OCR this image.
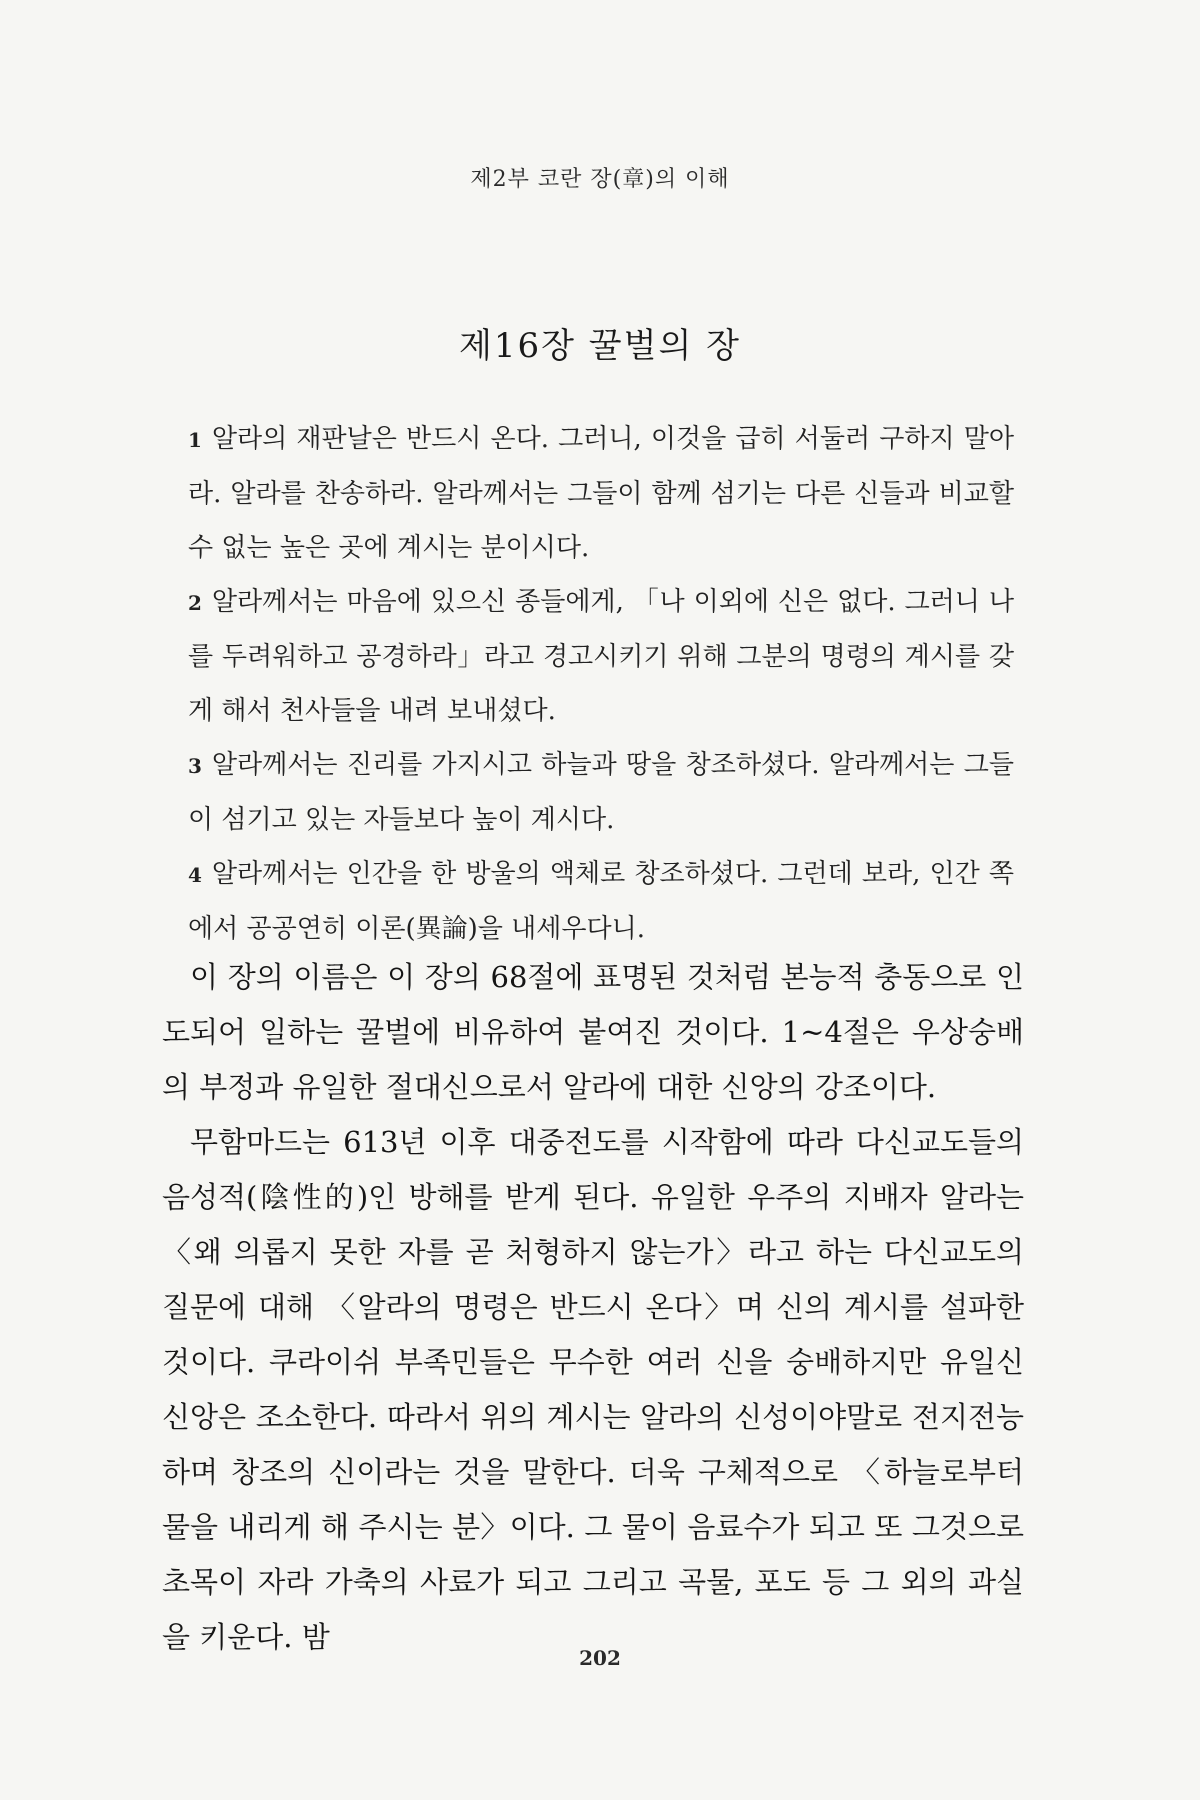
제2부 코란 장(章)의 이해
제16장 꿀벌의 장

1 알라의 재판날은 반드시 온다. 그러니, 이것을 급히 서둘러 구하지 말아라. 알라를 찬송하라. 알라께서는 그들이 함께 섬기는 다른 신들과 비교할 수 없는 높은 곳에 계시는 분이시다.

2 알라께서는 마음에 있으신 종들에게, 「나 이외에 신은 없다. 그러니 나를 두려워하고 공경하라」라고 경고시키기 위해 그분의 명령의 계시를 갖게 해서 천사들을 내려 보내셨다.

3 알라께서는 진리를 가지시고 하늘과 땅을 창조하셨다. 알라께서는 그들이 섬기고 있는 자들보다 높이 계시다.

4 알라께서는 인간을 한 방울의 액체로 창조하셨다. 그런데 보라, 인간 쪽에서 공공연히 이론(異論)을 내세우다니.

이 장의 이름은 이 장의 68절에 표명된 것처럼 본능적 충동으로 인도되어 일하는 꿀벌에 비유하여 붙여진 것이다. 1~4절은 우상숭배의 부정과 유일한 절대신으로서 알라에 대한 신앙의 강조이다.

무함마드는 613년 이후 대중전도를 시작함에 따라 다신교도들의 음성적(陰性的)인 방해를 받게 된다. 유일한 우주의 지배자 알라는 〈왜 의롭지 못한 자를 곧 처형하지 않는가〉라고 하는 다신교도의 질문에 대해 〈알라의 명령은 반드시 온다〉며 신의 계시를 설파한 것이다. 쿠라이쉬 부족민들은 무수한 여러 신을 숭배하지만 유일신 신앙은 조소한다. 따라서 위의 계시는 알라의 신성이야말로 전지전능하며 창조의 신이라는 것을 말한다. 더욱 구체적으로 〈하늘로부터 물을 내리게 해 주시는 분〉이다. 그 물이 음료수가 되고 또 그것으로 초목이 자라 가축의 사료가 되고 그리고 곡물, 포도 등 그 외의 과실을 키운다. 밤

202
